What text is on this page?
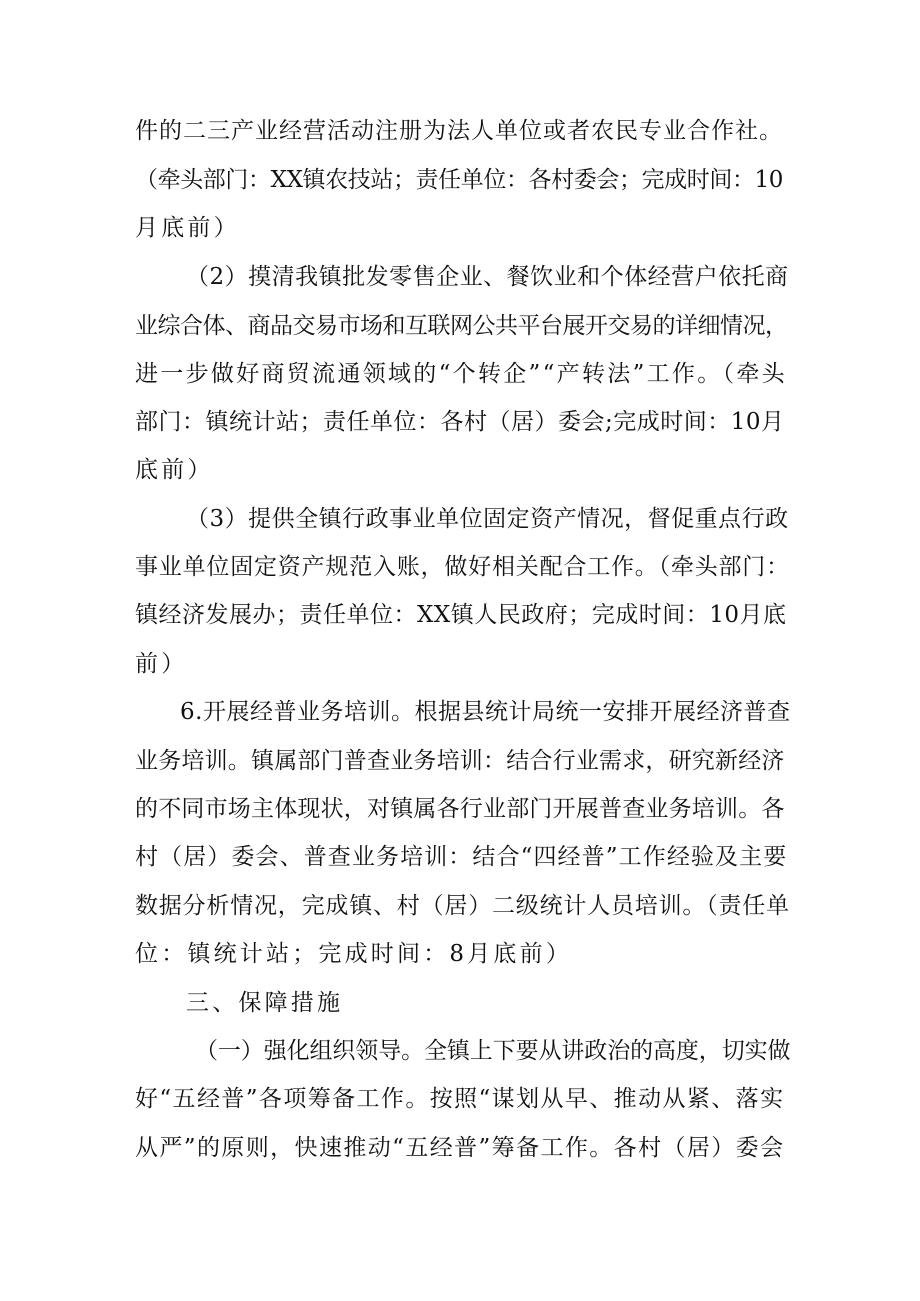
件的二三产业经营活动注册为法人单位或者农民专业合作社。
（牵头部门：XX镇农技站；责任单位：各村委会；完成时间：10
月底前）
（2）摸清我镇批发零售企业、餐饮业和个体经营户依托商
业综合体、商品交易市场和互联网公共平台展开交易的详细情况，
进一步做好商贸流通领域的“个转企”“产转法”工作。（牵头
部门：镇统计站；责任单位：各村（居）委会;完成时间：10月
底前）
（3）提供全镇行政事业单位固定资产情况，督促重点行政
事业单位固定资产规范入账，做好相关配合工作。（牵头部门：
镇经济发展办；责任单位：XX镇人民政府；完成时间：10月底
前）
6.开展经普业务培训。根据县统计局统一安排开展经济普查
业务培训。镇属部门普查业务培训：结合行业需求，研究新经济
的不同市场主体现状，对镇属各行业部门开展普查业务培训。各
村（居）委会、普查业务培训：结合“四经普”工作经验及主要
数据分析情况，完成镇、村（居）二级统计人员培训。（责任单
位：镇统计站；完成时间：8月底前）
三、保障措施
（一）强化组织领导。全镇上下要从讲政治的高度，切实做
好“五经普”各项筹备工作。按照“谋划从早、推动从紧、落实
从严”的原则，快速推动“五经普”筹备工作。各村（居）委会
